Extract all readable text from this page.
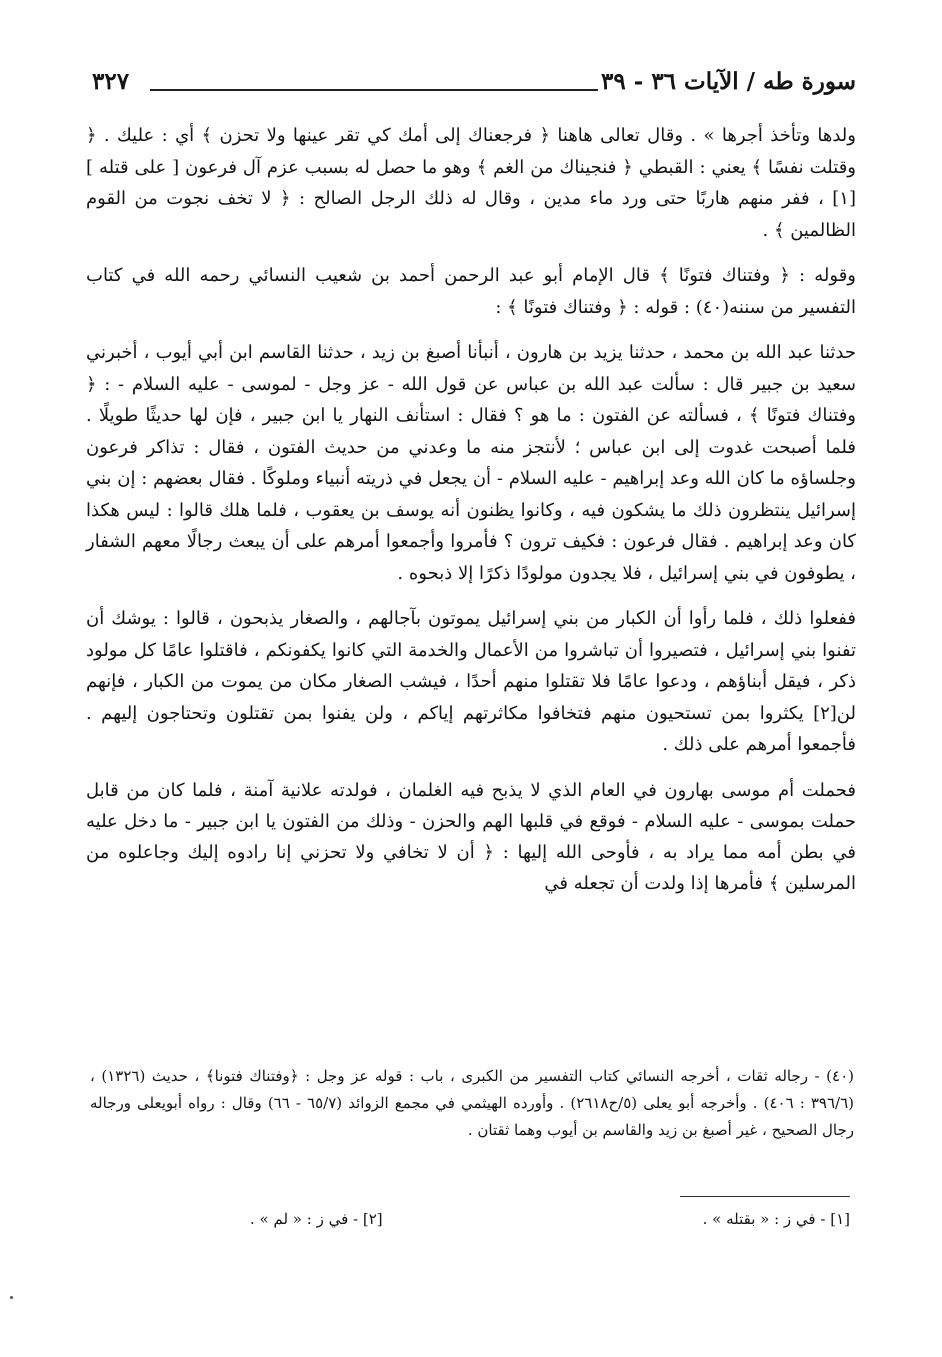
سورة طه / الآيات ٣٦ - ٣٩
٣٢٧

ولدها وتأخذ أجرها » . وقال تعالى هاهنا ﴿ فرجعناك إلى أمك كي تقر عينها ولا تحزن ﴾ أي : عليك . ﴿ وقتلت نفسًا ﴾ يعني : القبطي ﴿ فنجيناك من الغم ﴾ وهو ما حصل له بسبب عزم آل فرعون [ على قتله ][١] ، ففر منهم هاربًا حتى ورد ماء مدين ، وقال له ذلك الرجل الصالح : ﴿ لا تخف نجوت من القوم الظالمين ﴾ .

وقوله : ﴿ وفتناك فتونًا ﴾ قال الإمام أبو عبد الرحمن أحمد بن شعيب النسائي رحمه الله في كتاب التفسير من سننه(٤٠) : قوله : ﴿ وفتناك فتونًا ﴾ :

حدثنا عبد الله بن محمد ، حدثنا يزيد بن هارون ، أنبأنا أصبغ بن زيد ، حدثنا القاسم ابن أبي أيوب ، أخبرني سعيد بن جبير قال : سألت عبد الله بن عباس عن قول الله - عز وجل - لموسى - عليه السلام - : ﴿ وفتناك فتونًا ﴾ ، فسألته عن الفتون : ما هو ؟ فقال : استأنف النهار يا ابن جبير ، فإن لها حديثًا طويلًا . فلما أصبحت غدوت إلى ابن عباس ؛ لأنتجز منه ما وعدني من حديث الفتون ، فقال : تذاكر فرعون وجلساؤه ما كان الله وعد إبراهيم - عليه السلام - أن يجعل في ذريته أنبياء وملوكًا . فقال بعضهم : إن بني إسرائيل ينتظرون ذلك ما يشكون فيه ، وكانوا يظنون أنه يوسف بن يعقوب ، فلما هلك قالوا : ليس هكذا كان وعد إبراهيم . فقال فرعون : فكيف ترون ؟ فأمروا وأجمعوا أمرهم على أن يبعث رجالًا معهم الشفار ، يطوفون في بني إسرائيل ، فلا يجدون مولودًا ذكرًا إلا ذبحوه .

ففعلوا ذلك ، فلما رأوا أن الكبار من بني إسرائيل يموتون بآجالهم ، والصغار يذبحون ، قالوا : يوشك أن تفنوا بني إسرائيل ، فتصيروا أن تباشروا من الأعمال والخدمة التي كانوا يكفونكم ، فاقتلوا عامًا كل مولود ذكر ، فيقل أبناؤهم ، ودعوا عامًا فلا تقتلوا منهم أحدًا ، فيشب الصغار مكان من يموت من الكبار ، فإنهم لن[٢] يكثروا بمن تستحيون منهم فتخافوا مكاثرتهم إياكم ، ولن يفنوا بمن تقتلون وتحتاجون إليهم . فأجمعوا أمرهم على ذلك .

فحملت أم موسى بهارون في العام الذي لا يذبح فيه الغلمان ، فولدته علانية آمنة ، فلما كان من قابل حملت بموسى - عليه السلام - فوقع في قلبها الهم والحزن - وذلك من الفتون يا ابن جبير - ما دخل عليه في بطن أمه مما يراد به ، فأوحى الله إليها : ﴿ أن لا تخافي ولا تحزني إنا رادوه إليك وجاعلوه من المرسلين ﴾ فأمرها إذا ولدت أن تجعله في

(٤٠) - رجاله ثقات ، أخرجه النسائي كتاب التفسير من الكبرى ، باب : قوله عز وجل : ﴿وفتناك فتونا﴾ ، حديث (١٣٢٦) ، (٣٩٦/٦ : ٤٠٦) . وأخرجه أبو يعلى (٥/ح٢٦١٨) . وأورده الهيثمي في مجمع الزوائد (٦٥/٧ - ٦٦) وقال : رواه أبويعلى ورجاله رجال الصحيح ، غير أصبغ بن زيد والقاسم بن أيوب وهما ثقتان .

[١] - في ز : « بقتله » .
[٢] - في ز : « لم » .
